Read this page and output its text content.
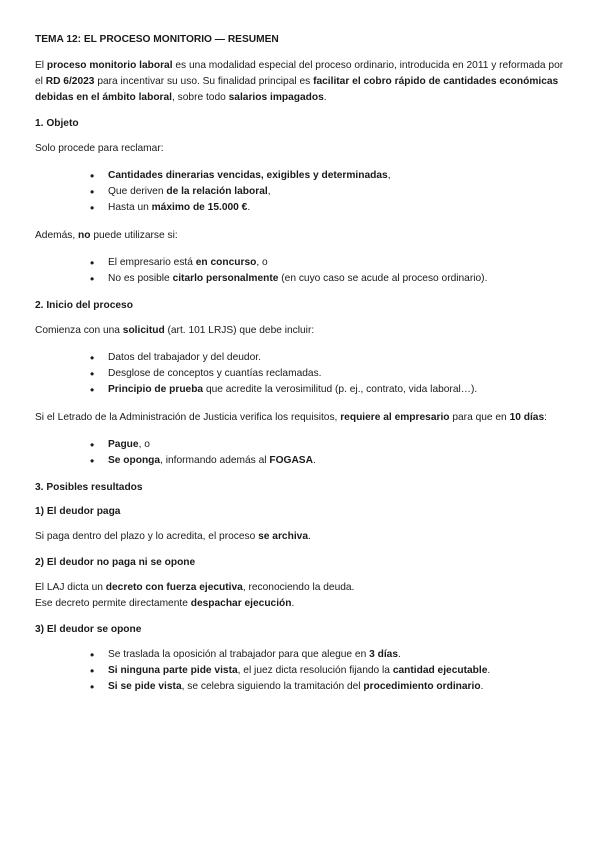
TEMA 12: EL PROCESO MONITORIO — RESUMEN

El proceso monitorio laboral es una modalidad especial del proceso ordinario, introducida en 2011 y reformada por el RD 6/2023 para incentivar su uso. Su finalidad principal es facilitar el cobro rápido de cantidades económicas debidas en el ámbito laboral, sobre todo salarios impagados.

1. Objeto

Solo procede para reclamar:

• Cantidades dinerarias vencidas, exigibles y determinadas,
• Que deriven de la relación laboral,
• Hasta un máximo de 15.000 €.

Además, no puede utilizarse si:

• El empresario está en concurso, o
• No es posible citarlo personalmente (en cuyo caso se acude al proceso ordinario).
2. Inicio del proceso

Comienza con una solicitud (art. 101 LRJS) que debe incluir:

• Datos del trabajador y del deudor.
• Desglose de conceptos y cuantías reclamadas.
• Principio de prueba que acredite la verosimilitud (p. ej., contrato, vida laboral…).

Si el Letrado de la Administración de Justicia verifica los requisitos, requiere al empresario para que en 10 días:

• Pague, o
• Se oponga, informando además al FOGASA.
3. Posibles resultados
1) El deudor paga

Si paga dentro del plazo y lo acredita, el proceso se archiva.

2) El deudor no paga ni se opone

El LAJ dicta un decreto con fuerza ejecutiva, reconociendo la deuda.
Ese decreto permite directamente despachar ejecución.

3) El deudor se opone
• Se traslada la oposición al trabajador para que alegue en 3 días.
• Si ninguna parte pide vista, el juez dicta resolución fijando la cantidad ejecutable.
• Si se pide vista, se celebra siguiendo la tramitación del procedimiento ordinario.
